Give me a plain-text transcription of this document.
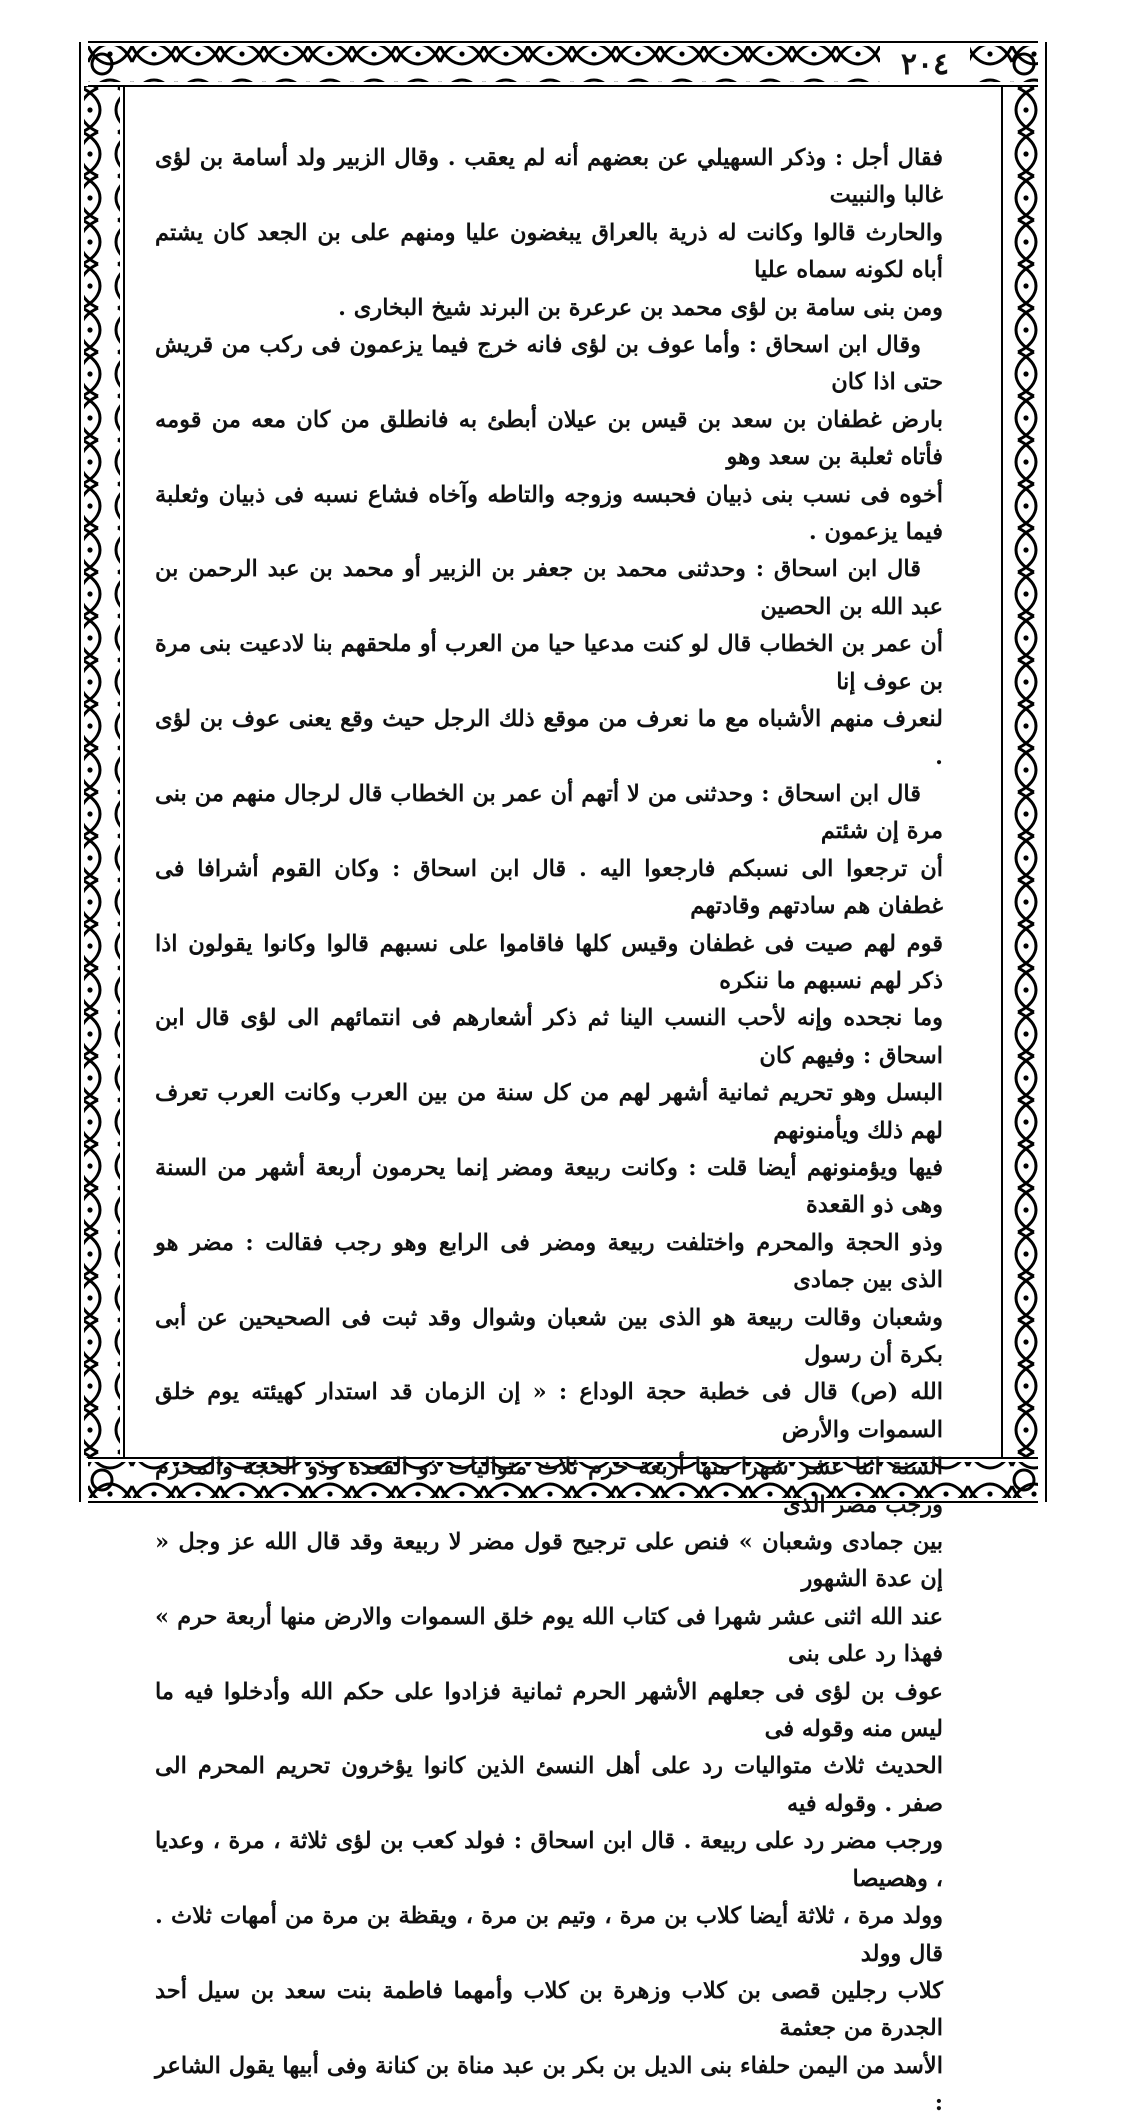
٢٠٤

فقال أجل : وذكر السهيلي عن بعضهم أنه لم يعقب . وقال الزبير ولد أسامة بن لؤى غالبا والنبيت

والحارث قالوا وكانت له ذرية بالعراق يبغضون عليا ومنهم على بن الجعد كان يشتم أباه لكونه سماه عليا

ومن بنى سامة بن لؤى محمد بن عرعرة بن البرند شيخ البخارى .

وقال ابن اسحاق : وأما عوف بن لؤى فانه خرج فيما يزعمون فى ركب من قريش حتى اذا كان

بارض غطفان بن سعد بن قيس بن عيلان أبطئ به فانطلق من كان معه من قومه فأتاه ثعلبة بن سعد وهو

أخوه فى نسب بنى ذبيان فحبسه وزوجه والتاطه وآخاه فشاع نسبه فى ذبيان وثعلبة فيما يزعمون .

قال ابن اسحاق : وحدثنى محمد بن جعفر بن الزبير أو محمد بن عبد الرحمن بن عبد الله بن الحصين

أن عمر بن الخطاب قال لو كنت مدعيا حيا من العرب أو ملحقهم بنا لادعيت بنى مرة بن عوف إنا

لنعرف منهم الأشباه مع ما نعرف من موقع ذلك الرجل حيث وقع يعنى عوف بن لؤى .

قال ابن اسحاق : وحدثنى من لا أتهم أن عمر بن الخطاب قال لرجال منهم من بنى مرة إن شئتم

أن ترجعوا الى نسبكم فارجعوا اليه . قال ابن اسحاق : وكان القوم أشرافا فى غطفان هم سادتهم وقادتهم

قوم لهم صيت فى غطفان وقيس كلها فاقاموا على نسبهم قالوا وكانوا يقولون اذا ذكر لهم نسبهم ما ننكره

وما نجحده وإنه لأحب النسب الينا ثم ذكر أشعارهم فى انتمائهم الى لؤى قال ابن اسحاق : وفيهم كان

البسل وهو تحريم ثمانية أشهر لهم من كل سنة من بين العرب وكانت العرب تعرف لهم ذلك ويأمنونهم

فيها ويؤمنونهم أيضا قلت : وكانت ربيعة ومضر إنما يحرمون أربعة أشهر من السنة وهى ذو القعدة

وذو الحجة والمحرم واختلفت ربيعة ومضر فى الرابع وهو رجب فقالت : مضر هو الذى بين جمادى

وشعبان وقالت ربيعة هو الذى بين شعبان وشوال وقد ثبت فى الصحيحين عن أبى بكرة أن رسول

الله (ص) قال فى خطبة حجة الوداع : « إن الزمان قد استدار كهيئته يوم خلق السموات والأرض

السنة اثنا عشر شهرا منها أربعة حرم ثلاث متواليات ذو القعدة وذو الحجة والمحرم ورجب مضر الذى

بين جمادى وشعبان » فنص على ترجيح قول مضر لا ربيعة وقد قال الله عز وجل « إن عدة الشهور

عند الله اثنى عشر شهرا فى كتاب الله يوم خلق السموات والارض منها أربعة حرم » فهذا رد على بنى

عوف بن لؤى فى جعلهم الأشهر الحرم ثمانية فزادوا على حكم الله وأدخلوا فيه ما ليس منه وقوله فى

الحديث ثلاث متواليات رد على أهل النسئ الذين كانوا يؤخرون تحريم المحرم الى صفر . وقوله فيه

ورجب مضر رد على ربيعة . قال ابن اسحاق : فولد كعب بن لؤى ثلاثة ، مرة ، وعديا ، وهصيصا

وولد مرة ، ثلاثة أيضا كلاب بن مرة ، وتيم بن مرة ، ويقظة بن مرة من أمهات ثلاث . قال وولد

كلاب رجلين قصى بن كلاب وزهرة بن كلاب وأمهما فاطمة بنت سعد بن سيل أحد الجدرة من جعثمة

الأسد من اليمن حلفاء بنى الديل بن بكر بن عبد مناة بن كنانة وفى أبيها يقول الشاعر :
